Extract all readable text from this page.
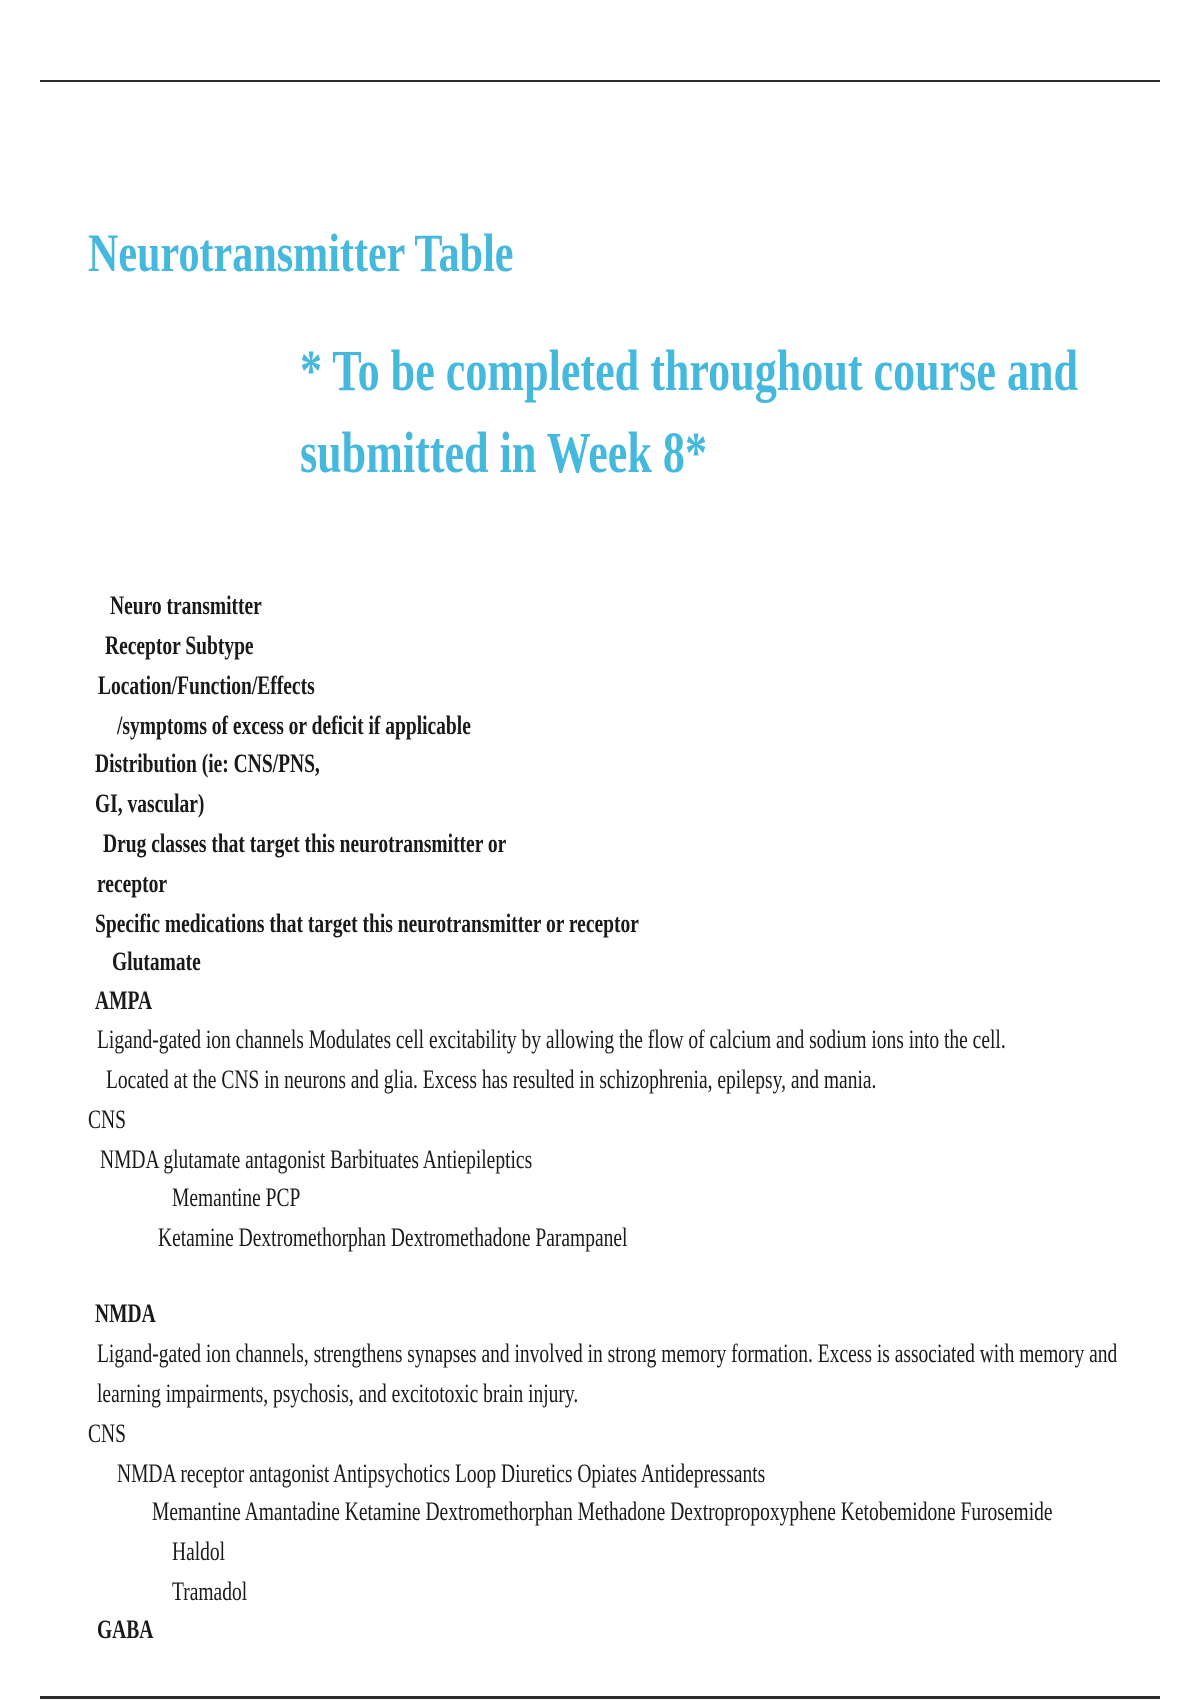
Neurotransmitter Table
* To be completed throughout course and
submitted in Week 8*

Neuro transmitter

Receptor Subtype

Location/Function/Effects

/symptoms of excess or deficit if applicable

Distribution (ie: CNS/PNS,

GI, vascular)

Drug classes that target this neurotransmitter or

receptor

Specific medications that target this neurotransmitter or receptor

Glutamate

AMPA

Ligand-gated ion channels Modulates cell excitability by allowing the flow of calcium and sodium ions into the cell.

Located at the CNS in neurons and glia. Excess has resulted in schizophrenia, epilepsy, and mania.

CNS

NMDA glutamate antagonist Barbituates Antiepileptics

Memantine PCP

Ketamine Dextromethorphan Dextromethadone Parampanel

NMDA

Ligand-gated ion channels, strengthens synapses and involved in strong memory formation. Excess is associated with memory and

learning impairments, psychosis, and excitotoxic brain injury.

CNS

NMDA receptor antagonist Antipsychotics Loop Diuretics Opiates Antidepressants

Memantine Amantadine Ketamine Dextromethorphan Methadone Dextropropoxyphene Ketobemidone Furosemide

Haldol

Tramadol

GABA
